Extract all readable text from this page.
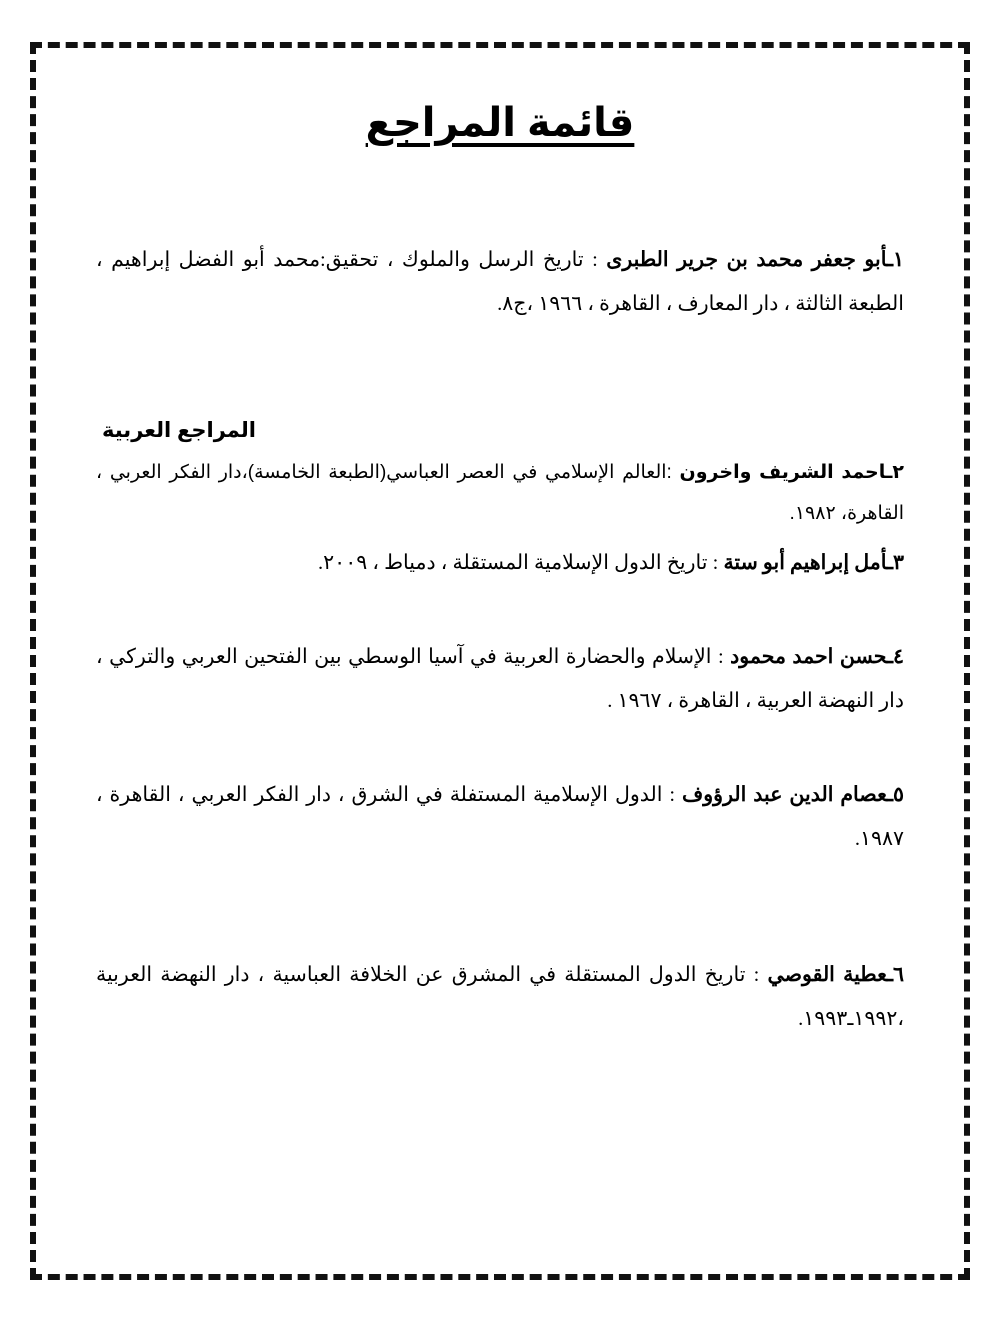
قائمة المراجع
١ـأبو جعفر محمد بن جرير الطبرى : تاريخ الرسل والملوك ، تحقيق:محمد أبو الفضل إبراهيم ، الطبعة الثالثة ، دار المعارف ، القاهرة ، ١٩٦٦ ،ج٨.
المراجع العربية
٢ـاحمد الشريف واخرون :العالم الإسلامي في العصر العباسي(الطبعة الخامسة)،دار الفكر العربي ، القاهرة، ١٩٨٢.
٣ـأمل إبراهيم أبو ستة : تاريخ الدول الإسلامية المستقلة ، دمياط ، ٢٠٠٩.
٤ـحسن احمد محمود : الإسلام والحضارة العربية في آسيا الوسطي بين الفتحين العربي والتركي ، دار النهضة العربية ، القاهرة ، ١٩٦٧ .
٥ـعصام الدين عبد الرؤوف : الدول الإسلامية المستفلة في الشرق ، دار الفكر العربي ، القاهرة ، ١٩٨٧.
٦ـعطية القوصي : تاريخ الدول المستقلة في المشرق عن الخلافة العباسية ، دار النهضة العربية ،١٩٩٢ـ١٩٩٣.
